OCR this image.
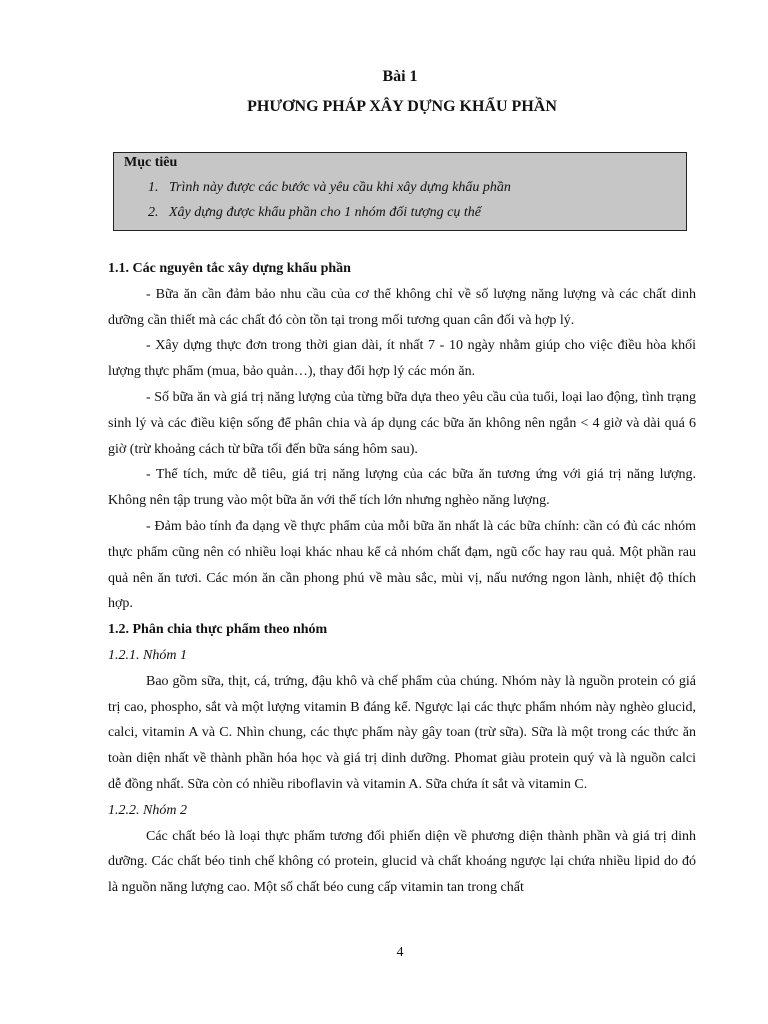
Bài 1
PHƯƠNG PHÁP XÂY DỰNG KHẨU PHẦN
Mục tiêu
1. Trình này được các bước và yêu cầu khi xây dựng khẩu phần
2. Xây dựng được khẩu phần cho 1 nhóm đối tượng cụ thể
1.1. Các nguyên tắc xây dựng khẩu phần

- Bữa ăn cần đảm bảo nhu cầu của cơ thể không chỉ về số lượng năng lượng và các chất dinh dưỡng cần thiết mà các chất đó còn tồn tại trong mối tương quan cân đối và hợp lý.

- Xây dựng thực đơn trong thời gian dài, ít nhất 7 - 10 ngày nhằm giúp cho việc điều hòa khối lượng thực phẩm (mua, bảo quản…), thay đổi hợp lý các món ăn.

- Số bữa ăn và giá trị năng lượng của từng bữa dựa theo yêu cầu của tuổi, loại lao động, tình trạng sinh lý và các điều kiện sống để phân chia và áp dụng các bữa ăn không nên ngắn < 4 giờ và dài quá 6 giờ (trừ khoảng cách từ bữa tối đến bữa sáng hôm sau).

- Thể tích, mức dễ tiêu, giá trị năng lượng của các bữa ăn tương ứng với giá trị năng lượng. Không nên tập trung vào một bữa ăn với thể tích lớn nhưng nghèo năng lượng.

- Đảm bảo tính đa dạng về thực phẩm của mỗi bữa ăn nhất là các bữa chính: cần có đủ các nhóm thực phẩm cũng nên có nhiều loại khác nhau kể cả nhóm chất đạm, ngũ cốc hay rau quả. Một phần rau quả nên ăn tươi. Các món ăn cần phong phú về màu sắc, mùi vị, nấu nướng ngon lành, nhiệt độ thích hợp.

1.2. Phân chia thực phẩm theo nhóm
1.2.1. Nhóm 1

Bao gồm sữa, thịt, cá, trứng, đậu khô và chế phẩm của chúng. Nhóm này là nguồn protein có giá trị cao, phospho, sắt và một lượng vitamin B đáng kể. Ngược lại các thực phẩm nhóm này nghèo glucid, calci, vitamin A và C. Nhìn chung, các thực phẩm này gây toan (trừ sữa). Sữa là một trong các thức ăn toàn diện nhất về thành phần hóa học và giá trị dinh dưỡng. Phomat giàu protein quý và là nguồn calci dễ đồng nhất. Sữa còn có nhiều riboflavin và vitamin A. Sữa chứa ít sắt và vitamin C.

1.2.2. Nhóm 2

Các chất béo là loại thực phẩm tương đối phiến diện về phương diện thành phần và giá trị dinh dưỡng. Các chất béo tinh chế không có protein, glucid và chất khoáng ngược lại chứa nhiều lipid do đó là nguồn năng lượng cao. Một số chất béo cung cấp vitamin tan trong chất

4
